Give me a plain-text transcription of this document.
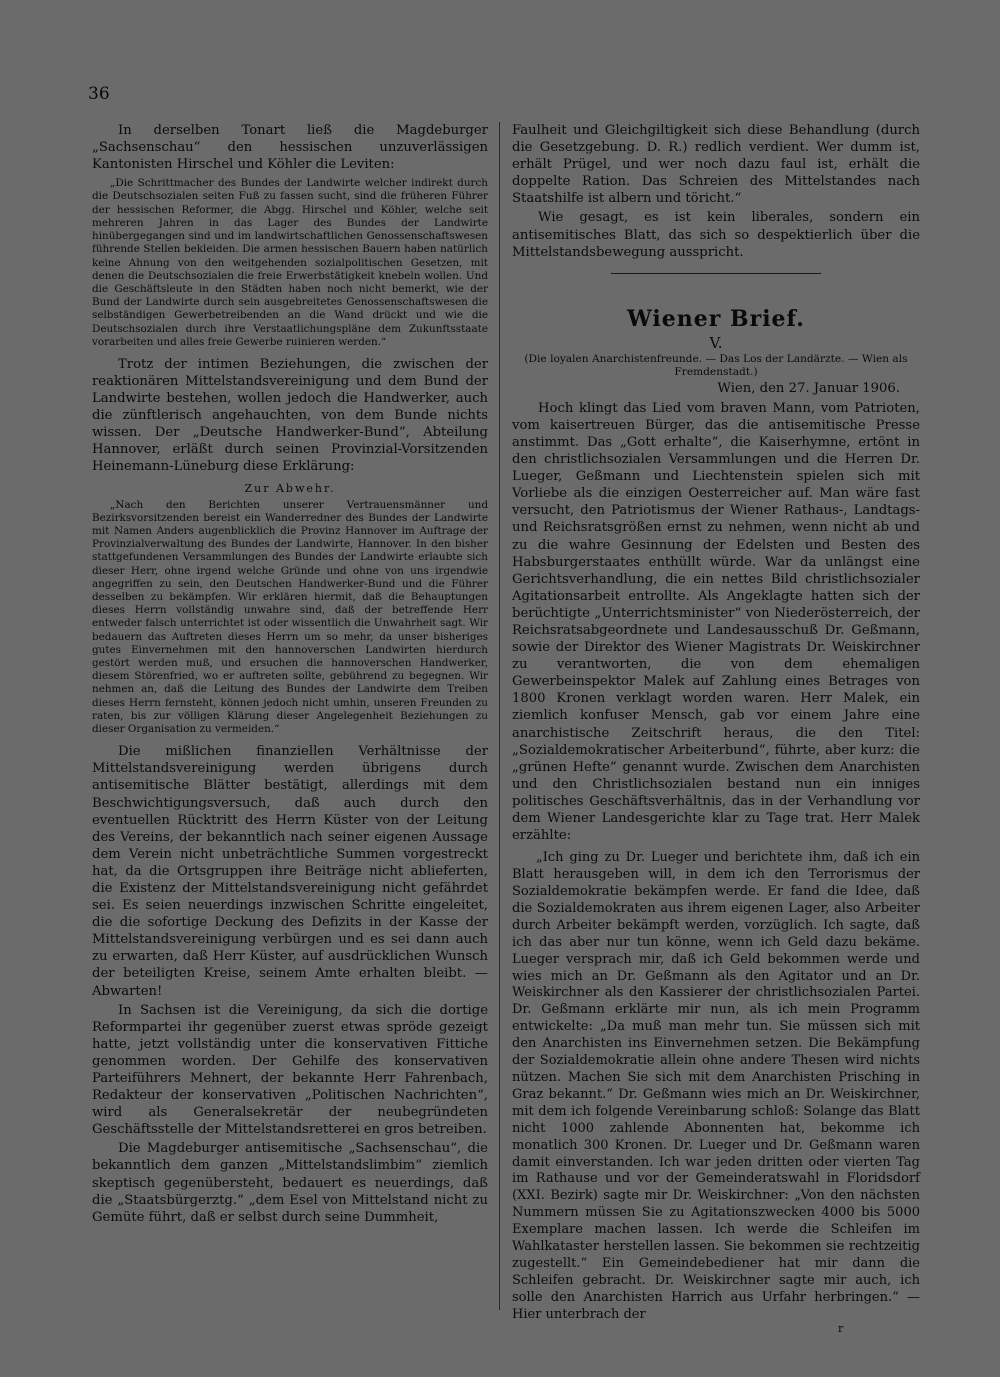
36

In derselben Tonart ließ die Magdeburger „Sachsenschau“ den hessischen unzuverlässigen Kantonisten Hirschel und Köhler die Leviten:

„Die Schrittmacher des Bundes der Landwirte welcher indirekt durch die Deutschsozialen seiten Fuß zu fassen sucht, sind die früheren Führer der hessischen Reformer, die Abgg. Hirschel und Köhler, welche seit mehreren Jahren in das Lager des Bundes der Landwirte hinübergegangen sind und im landwirtschaftlichen Genossenschaftswesen führende Stellen bekleiden. Die armen hessischen Bauern haben natürlich keine Ahnung von den weitgehenden sozialpolitischen Gesetzen, mit denen die Deutschsozialen die freie Erwerbstätigkeit knebeln wollen. Und die Geschäftsleute in den Städten haben noch nicht bemerkt, wie der Bund der Landwirte durch sein ausgebreitetes Genossenschaftswesen die selbständigen Gewerbetreibenden an die Wand drückt und wie die Deutschsozialen durch ihre Verstaatlichungspläne dem Zukunftsstaate vorarbeiten und alles freie Gewerbe ruinieren werden.“

Trotz der intimen Beziehungen, die zwischen der reaktionären Mittelstandsvereinigung und dem Bund der Landwirte bestehen, wollen jedoch die Handwerker, auch die zünftlerisch angehauchten, von dem Bunde nichts wissen. Der „Deutsche Handwerker-Bund“, Abteilung Hannover, erläßt durch seinen Provinzial-Vorsitzenden Heinemann-Lüneburg diese Erklärung:

Zur Abwehr.

„Nach den Berichten unserer Vertrauensmänner und Bezirksvorsitzenden bereist ein Wanderredner des Bundes der Landwirte mit Namen Anders augenblicklich die Provinz Hannover im Auftrage der Provinzialverwaltung des Bundes der Landwirte, Hannover. In den bisher stattgefundenen Versammlungen des Bundes der Landwirte erlaubte sich dieser Herr, ohne irgend welche Gründe und ohne von uns irgendwie angegriffen zu sein, den Deutschen Handwerker-Bund und die Führer desselben zu bekämpfen. Wir erklären hiermit, daß die Behauptungen dieses Herrn vollständig unwahre sind, daß der betreffende Herr entweder falsch unterrichtet ist oder wissentlich die Unwahrheit sagt. Wir bedauern das Auftreten dieses Herrn um so mehr, da unser bisheriges gutes Einvernehmen mit den hannoverschen Landwirten hierdurch gestört werden muß, und ersuchen die hannoverschen Handwerker, diesem Störenfried, wo er auftreten sollte, gebührend zu begegnen. Wir nehmen an, daß die Leitung des Bundes der Landwirte dem Treiben dieses Herrn fernsteht, können jedoch nicht umhin, unseren Freunden zu raten, bis zur völligen Klärung dieser Angelegenheit Beziehungen zu dieser Organisation zu vermeiden.“

Die mißlichen finanziellen Verhältnisse der Mittelstandsvereinigung werden übrigens durch antisemitische Blätter bestätigt, allerdings mit dem Beschwichtigungsversuch, daß auch durch den eventuellen Rücktritt des Herrn Küster von der Leitung des Vereins, der bekanntlich nach seiner eigenen Aussage dem Verein nicht unbeträchtliche Summen vorgestreckt hat, da die Ortsgruppen ihre Beiträge nicht ablieferten, die Existenz der Mittelstandsvereinigung nicht gefährdet sei. Es seien neuerdings inzwischen Schritte eingeleitet, die die sofortige Deckung des Defizits in der Kasse der Mittelstandsvereinigung verbürgen und es sei dann auch zu erwarten, daß Herr Küster, auf ausdrücklichen Wunsch der beteiligten Kreise, seinem Amte erhalten bleibt. — Abwarten!

In Sachsen ist die Vereinigung, da sich die dortige Reformpartei ihr gegenüber zuerst etwas spröde gezeigt hatte, jetzt vollständig unter die konservativen Fittiche genommen worden. Der Gehilfe des konservativen Parteiführers Mehnert, der bekannte Herr Fahrenbach, Redakteur der konservativen „Politischen Nachrichten“, wird als Generalsekretär der neubegründeten Geschäftsstelle der Mittelstandsretterei en gros betreiben.

Die Magdeburger antisemitische „Sachsenschau“, die bekanntlich dem ganzen „Mittelstandslimbim“ ziemlich skeptisch gegenübersteht, bedauert es neuerdings, daß die „Staatsbürgerztg.“ „dem Esel von Mittelstand nicht zu Gemüte führt, daß er selbst durch seine Dummheit,

Faulheit und Gleichgiltigkeit sich diese Behandlung (durch die Gesetzgebung. D. R.) redlich verdient. Wer dumm ist, erhält Prügel, und wer noch dazu faul ist, erhält die doppelte Ration. Das Schreien des Mittelstandes nach Staatshilfe ist albern und töricht.“

Wie gesagt, es ist kein liberales, sondern ein antisemitisches Blatt, das sich so despektierlich über die Mittelstandsbewegung ausspricht.

Wiener Brief.

V.

(Die loyalen Anarchistenfreunde. — Das Los der Landärzte. — Wien als Fremdenstadt.)

Wien, den 27. Januar 1906.

Hoch klingt das Lied vom braven Mann, vom Patrioten, vom kaisertreuen Bürger, das die antisemitische Presse anstimmt. Das „Gott erhalte“, die Kaiserhymne, ertönt in den christlichsozialen Versammlungen und die Herren Dr. Lueger, Geßmann und Liechtenstein spielen sich mit Vorliebe als die einzigen Oesterreicher auf. Man wäre fast versucht, den Patriotismus der Wiener Rathaus-, Landtags- und Reichsratsgrößen ernst zu nehmen, wenn nicht ab und zu die wahre Gesinnung der Edelsten und Besten des Habsburgerstaates enthüllt würde. War da unlängst eine Gerichtsverhandlung, die ein nettes Bild christlichsozialer Agitationsarbeit entrollte. Als Angeklagte hatten sich der berüchtigte „Unterrichtsminister“ von Niederösterreich, der Reichsratsabgeordnete und Landesausschuß Dr. Geßmann, sowie der Direktor des Wiener Magistrats Dr. Weiskirchner zu verantworten, die von dem ehemaligen Gewerbeinspektor Malek auf Zahlung eines Betrages von 1800 Kronen verklagt worden waren. Herr Malek, ein ziemlich konfuser Mensch, gab vor einem Jahre eine anarchistische Zeitschrift heraus, die den Titel: „Sozialdemokratischer Arbeiterbund“, führte, aber kurz: die „grünen Hefte“ genannt wurde. Zwischen dem Anarchisten und den Christlichsozialen bestand nun ein inniges politisches Geschäftsverhältnis, das in der Verhandlung vor dem Wiener Landesgerichte klar zu Tage trat. Herr Malek erzählte:

„Ich ging zu Dr. Lueger und berichtete ihm, daß ich ein Blatt herausgeben will, in dem ich den Terrorismus der Sozialdemokratie bekämpfen werde. Er fand die Idee, daß die Sozialdemokraten aus ihrem eigenen Lager, also Arbeiter durch Arbeiter bekämpft werden, vorzüglich. Ich sagte, daß ich das aber nur tun könne, wenn ich Geld dazu bekäme. Lueger versprach mir, daß ich Geld bekommen werde und wies mich an Dr. Geßmann als den Agitator und an Dr. Weiskirchner als den Kassierer der christlichsozialen Partei. Dr. Geßmann erklärte mir nun, als ich mein Programm entwickelte: „Da muß man mehr tun. Sie müssen sich mit den Anarchisten ins Einvernehmen setzen. Die Bekämpfung der Sozialdemokratie allein ohne andere Thesen wird nichts nützen. Machen Sie sich mit dem Anarchisten Prisching in Graz bekannt.“ Dr. Geßmann wies mich an Dr. Weiskirchner, mit dem ich folgende Vereinbarung schloß: Solange das Blatt nicht 1000 zahlende Abonnenten hat, bekomme ich monatlich 300 Kronen. Dr. Lueger und Dr. Geßmann waren damit einverstanden. Ich war jeden dritten oder vierten Tag im Rathause und vor der Gemeinderatswahl in Floridsdorf (XXI. Bezirk) sagte mir Dr. Weiskirchner: „Von den nächsten Nummern müssen Sie zu Agitationszwecken 4000 bis 5000 Exemplare machen lassen. Ich werde die Schleifen im Wahlkataster herstellen lassen. Sie bekommen sie rechtzeitig zugestellt.“ Ein Gemeindebediener hat mir dann die Schleifen gebracht. Dr. Weiskirchner sagte mir auch, ich solle den Anarchisten Harrich aus Urfahr herbringen.“ — Hier unterbrach der

r
